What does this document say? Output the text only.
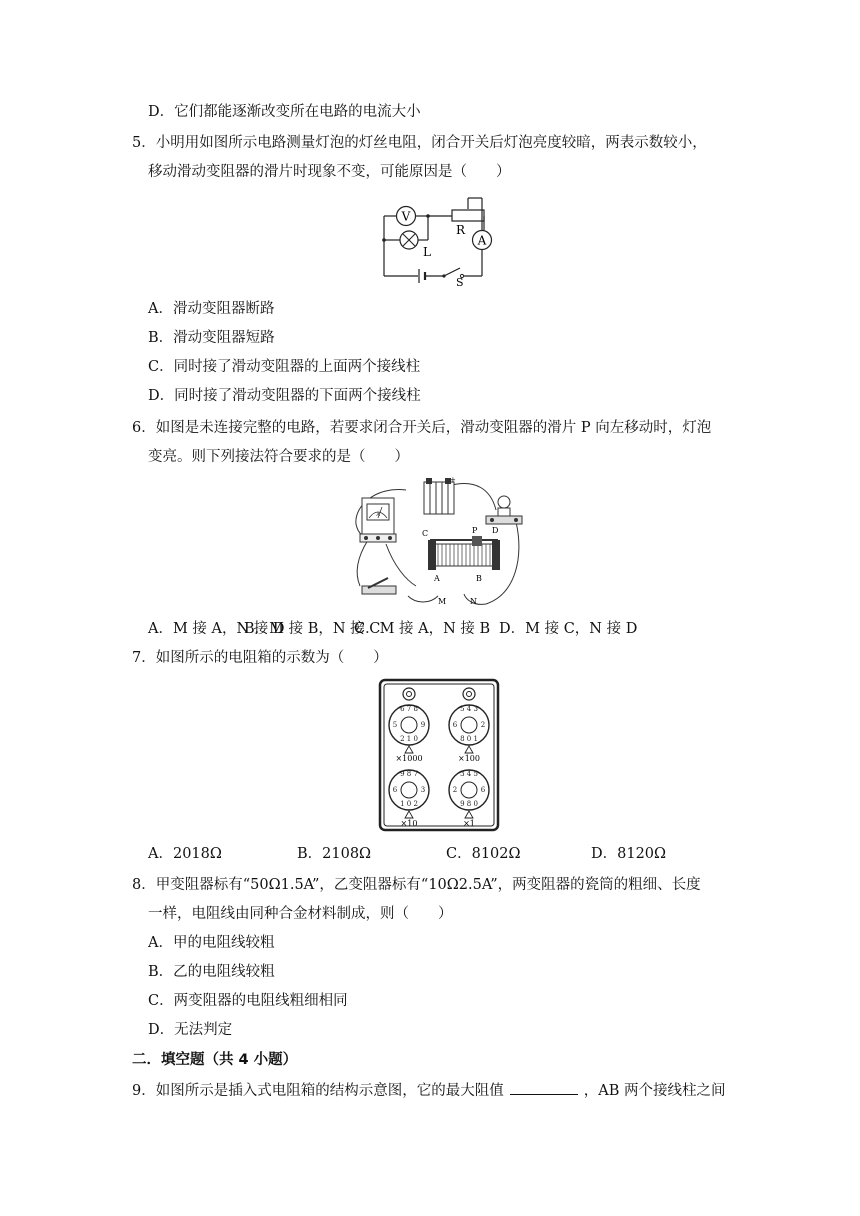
D．它们都能逐渐改变所在电路的电流大小
5．小明用如图所示电路测量灯泡的灯丝电阻，闭合开关后灯泡亮度较暗，两表示数较小，
移动滑动变阻器的滑片时现象不变，可能原因是（　　）
V
L
R
A
S
A．滑动变阻器断路
B．滑动变阻器短路
C．同时接了滑动变阻器的上面两个接线柱
D．同时接了滑动变阻器的下面两个接线柱
6．如图是未连接完整的电路，若要求闭合开关后，滑动变阻器的滑片 P 向左移动时，灯泡
变亮。则下列接法符合要求的是（　　）
A
+
C	P D
A	B
M	N
A．M 接 A，N 接 D
B．M 接 B，N 接 C
C．M 接 A，N 接 B D．M 接 C，N 接 D
7．如图所示的电阻箱的示数为（　　）
6 7 8
2 1 0
5	9
5 4 3
8 0 1
6	2
9 8 7
1 0 2
6	3
3 4 5
9 8 0
2	6
×1000	×100
×10	×1
A．2018Ω	B．2108Ω	C．8102Ω	D．8120Ω
8．甲变阻器标有“50Ω1.5A”，乙变阻器标有“10Ω2.5A”，两变阻器的瓷筒的粗细、长度
一样，电阻线由同种合金材料制成，则（　　）
A．甲的电阻线较粗
B．乙的电阻线较粗
C．两变阻器的电阻线粗细相同
D．无法判定
二．填空题（共 4 小题）
9．如图所示是插入式电阻箱的结构示意图，它的最大阻值	，AB 两个接线柱之间
